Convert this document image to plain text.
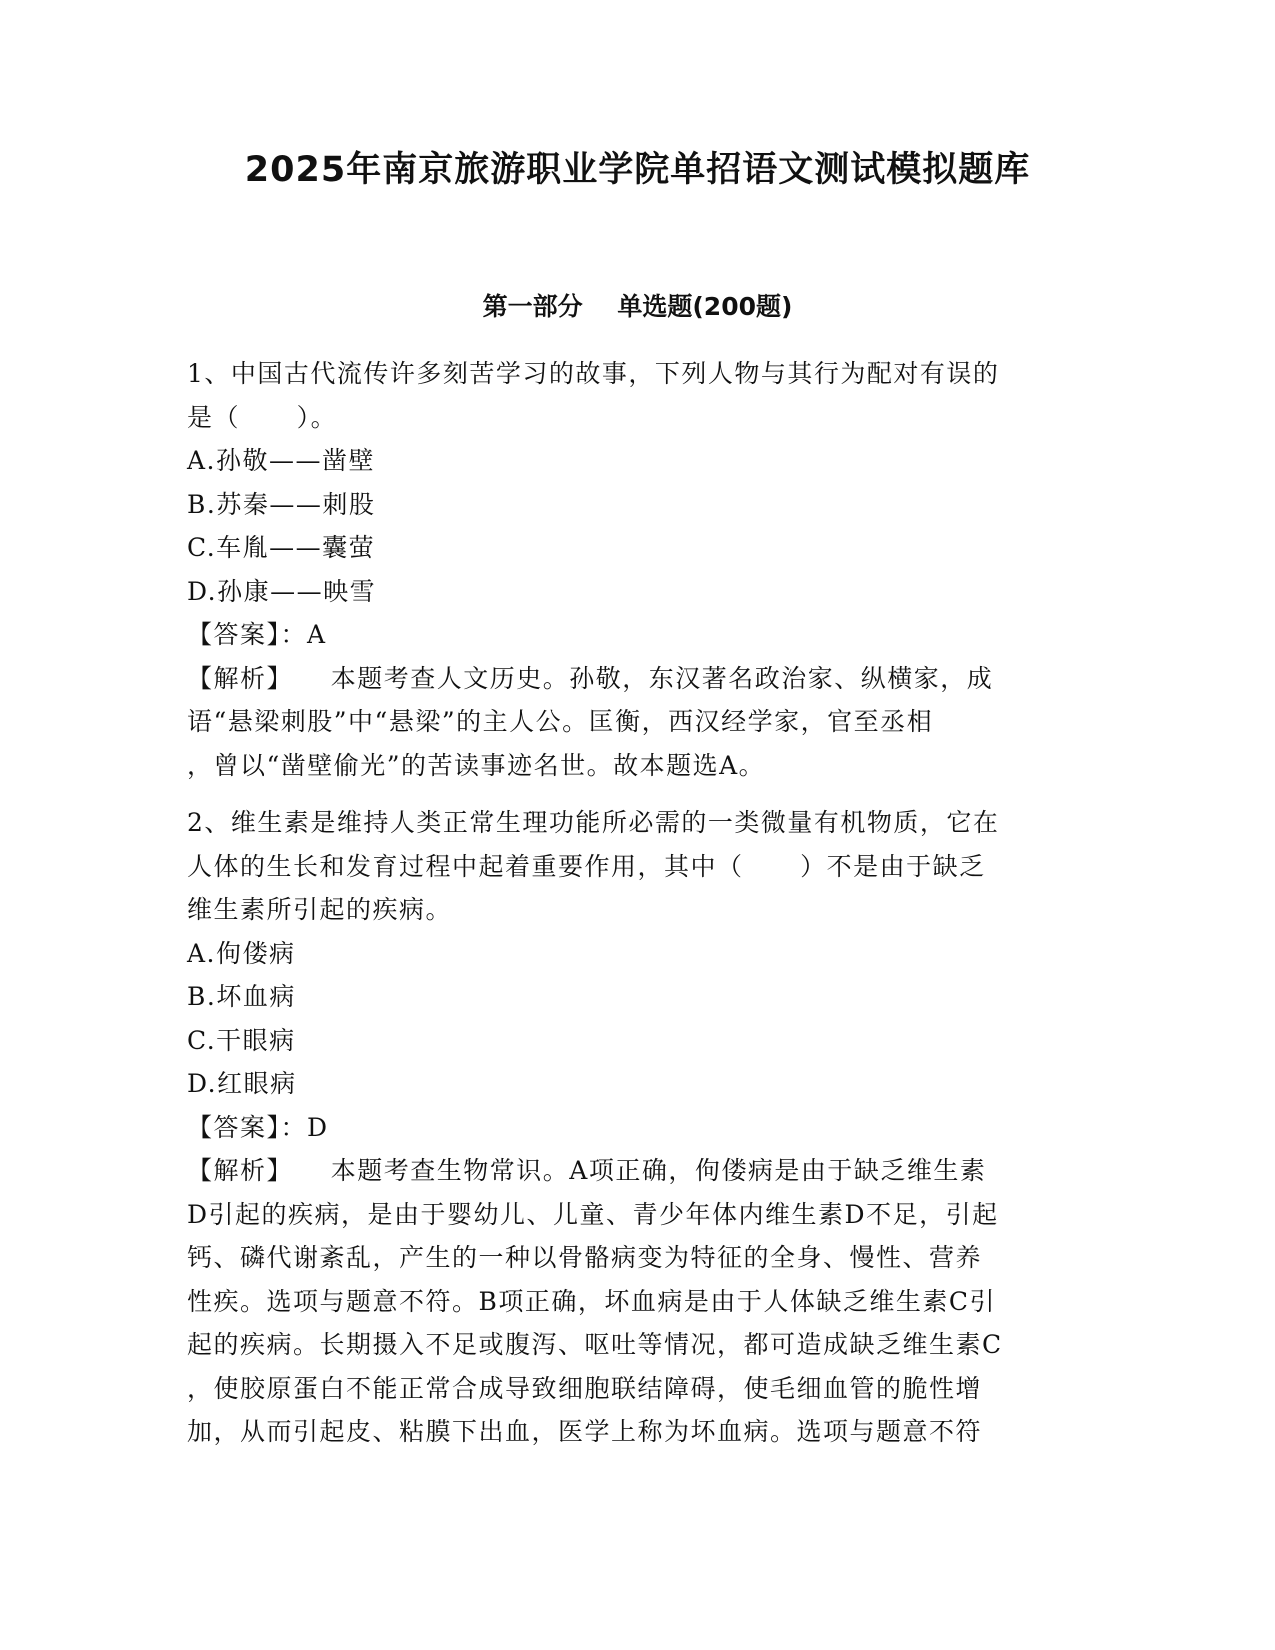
2025年南京旅游职业学院单招语文测试模拟题库
第一部分    单选题(200题)
1、中国古代流传许多刻苦学习的故事，下列人物与其行为配对有误的
是（      ）。
A.孙敬——凿壁
B.苏秦——刺股
C.车胤——囊萤
D.孙康——映雪
【答案】：A
【解析】    本题考查人文历史。孙敬，东汉著名政治家、纵横家，成
语“悬梁刺股”中“悬梁”的主人公。匡衡，西汉经学家，官至丞相
，曾以“凿壁偷光”的苦读事迹名世。故本题选A。
2、维生素是维持人类正常生理功能所必需的一类微量有机物质，它在
人体的生长和发育过程中起着重要作用，其中（      ）不是由于缺乏
维生素所引起的疾病。
A.佝偻病
B.坏血病
C.干眼病
D.红眼病
【答案】：D
【解析】    本题考查生物常识。A项正确，佝偻病是由于缺乏维生素
D引起的疾病，是由于婴幼儿、儿童、青少年体内维生素D不足，引起
钙、磷代谢紊乱，产生的一种以骨骼病变为特征的全身、慢性、营养
性疾。选项与题意不符。B项正确，坏血病是由于人体缺乏维生素C引
起的疾病。长期摄入不足或腹泻、呕吐等情况，都可造成缺乏维生素C
，使胶原蛋白不能正常合成导致细胞联结障碍，使毛细血管的脆性增
加，从而引起皮、粘膜下出血，医学上称为坏血病。选项与题意不符
